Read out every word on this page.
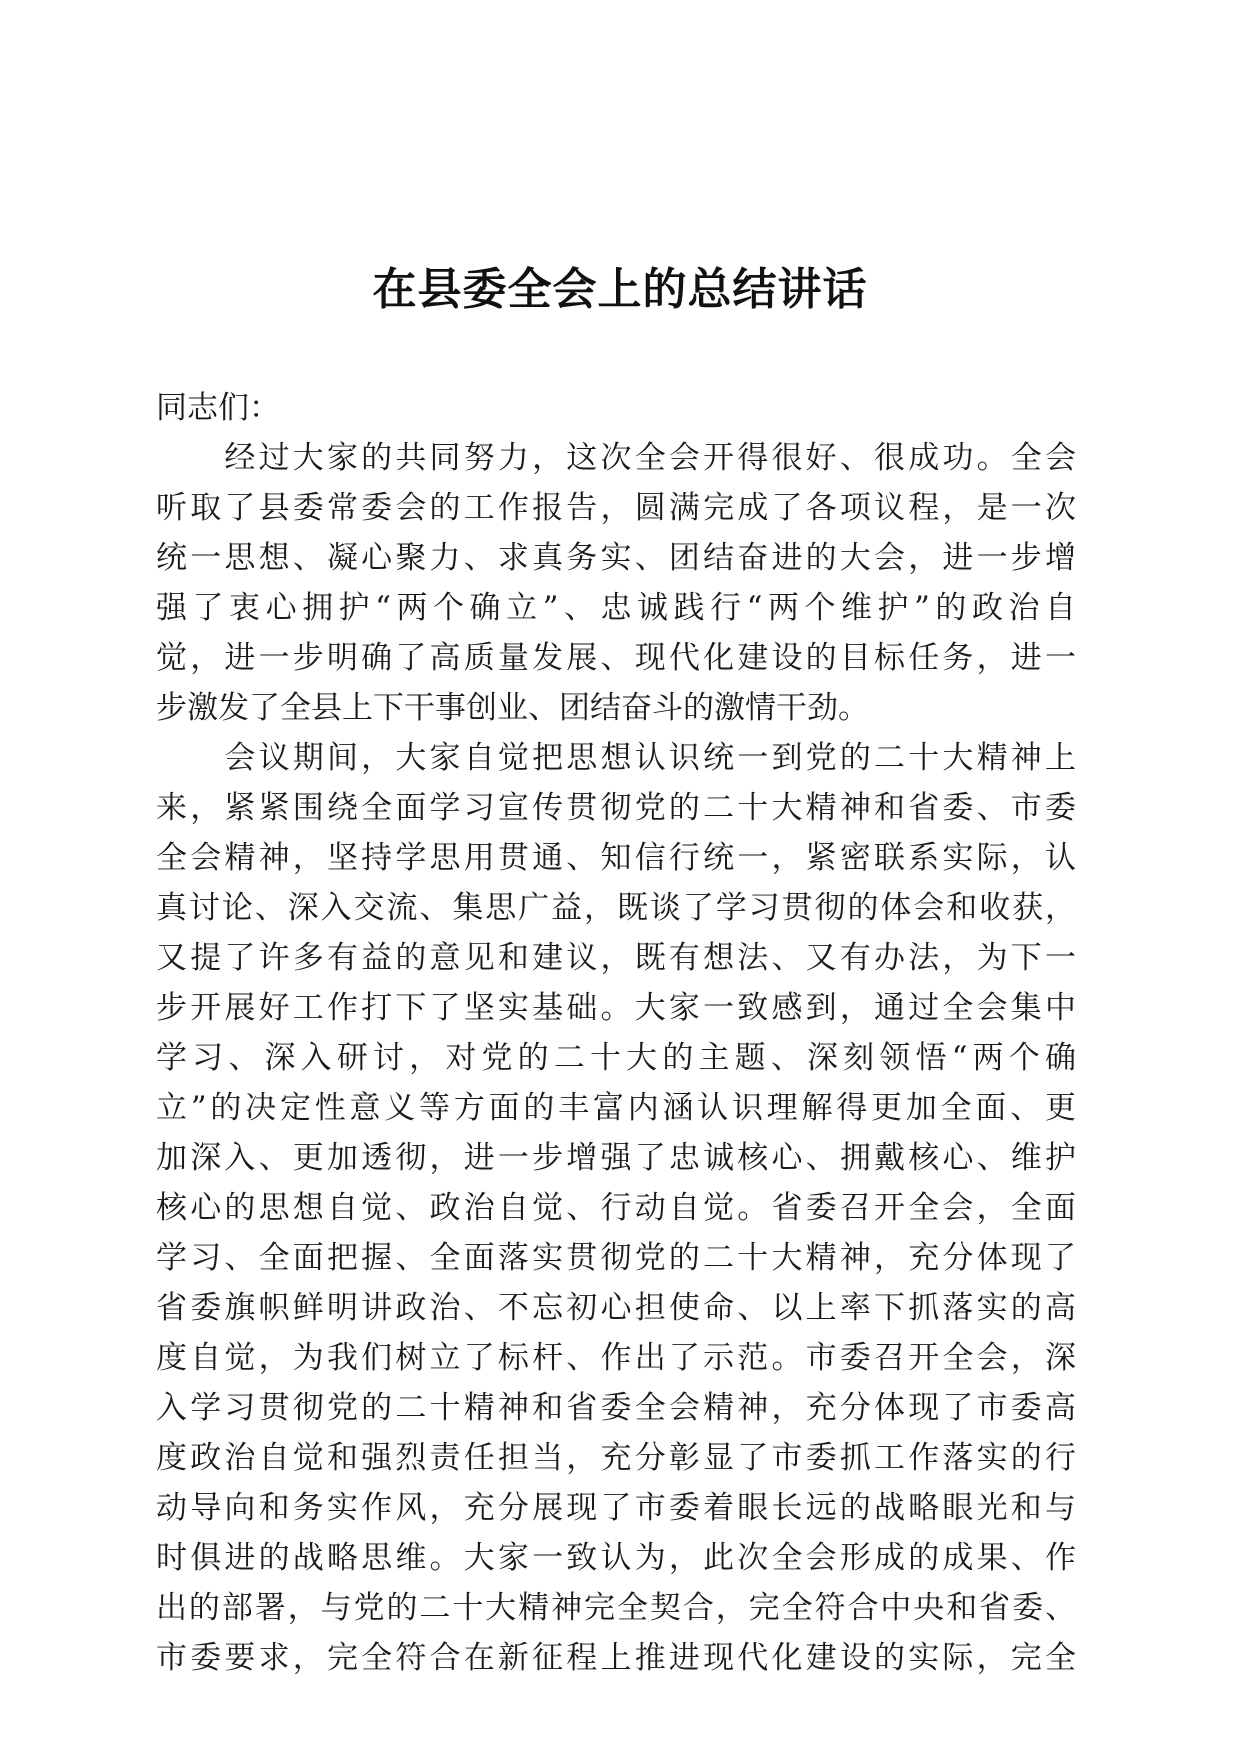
在县委全会上的总结讲话
同志们：
　　经过大家的共同努力，这次全会开得很好、很成功。全会
听取了县委常委会的工作报告，圆满完成了各项议程，是一次
统一思想、凝心聚力、求真务实、团结奋进的大会，进一步增
强了衷心拥护“两个确立”、忠诚践行“两个维护”的政治自
觉，进一步明确了高质量发展、现代化建设的目标任务，进一
步激发了全县上下干事创业、团结奋斗的激情干劲。
　　会议期间，大家自觉把思想认识统一到党的二十大精神上
来，紧紧围绕全面学习宣传贯彻党的二十大精神和省委、市委
全会精神，坚持学思用贯通、知信行统一，紧密联系实际，认
真讨论、深入交流、集思广益，既谈了学习贯彻的体会和收获，
又提了许多有益的意见和建议，既有想法、又有办法，为下一
步开展好工作打下了坚实基础。大家一致感到，通过全会集中
学习、深入研讨，对党的二十大的主题、深刻领悟“两个确
立”的决定性意义等方面的丰富内涵认识理解得更加全面、更
加深入、更加透彻，进一步增强了忠诚核心、拥戴核心、维护
核心的思想自觉、政治自觉、行动自觉。省委召开全会，全面
学习、全面把握、全面落实贯彻党的二十大精神，充分体现了
省委旗帜鲜明讲政治、不忘初心担使命、以上率下抓落实的高
度自觉，为我们树立了标杆、作出了示范。市委召开全会，深
入学习贯彻党的二十精神和省委全会精神，充分体现了市委高
度政治自觉和强烈责任担当，充分彰显了市委抓工作落实的行
动导向和务实作风，充分展现了市委着眼长远的战略眼光和与
时俱进的战略思维。大家一致认为，此次全会形成的成果、作
出的部署，与党的二十大精神完全契合，完全符合中央和省委、
市委要求，完全符合在新征程上推进现代化建设的实际，完全
